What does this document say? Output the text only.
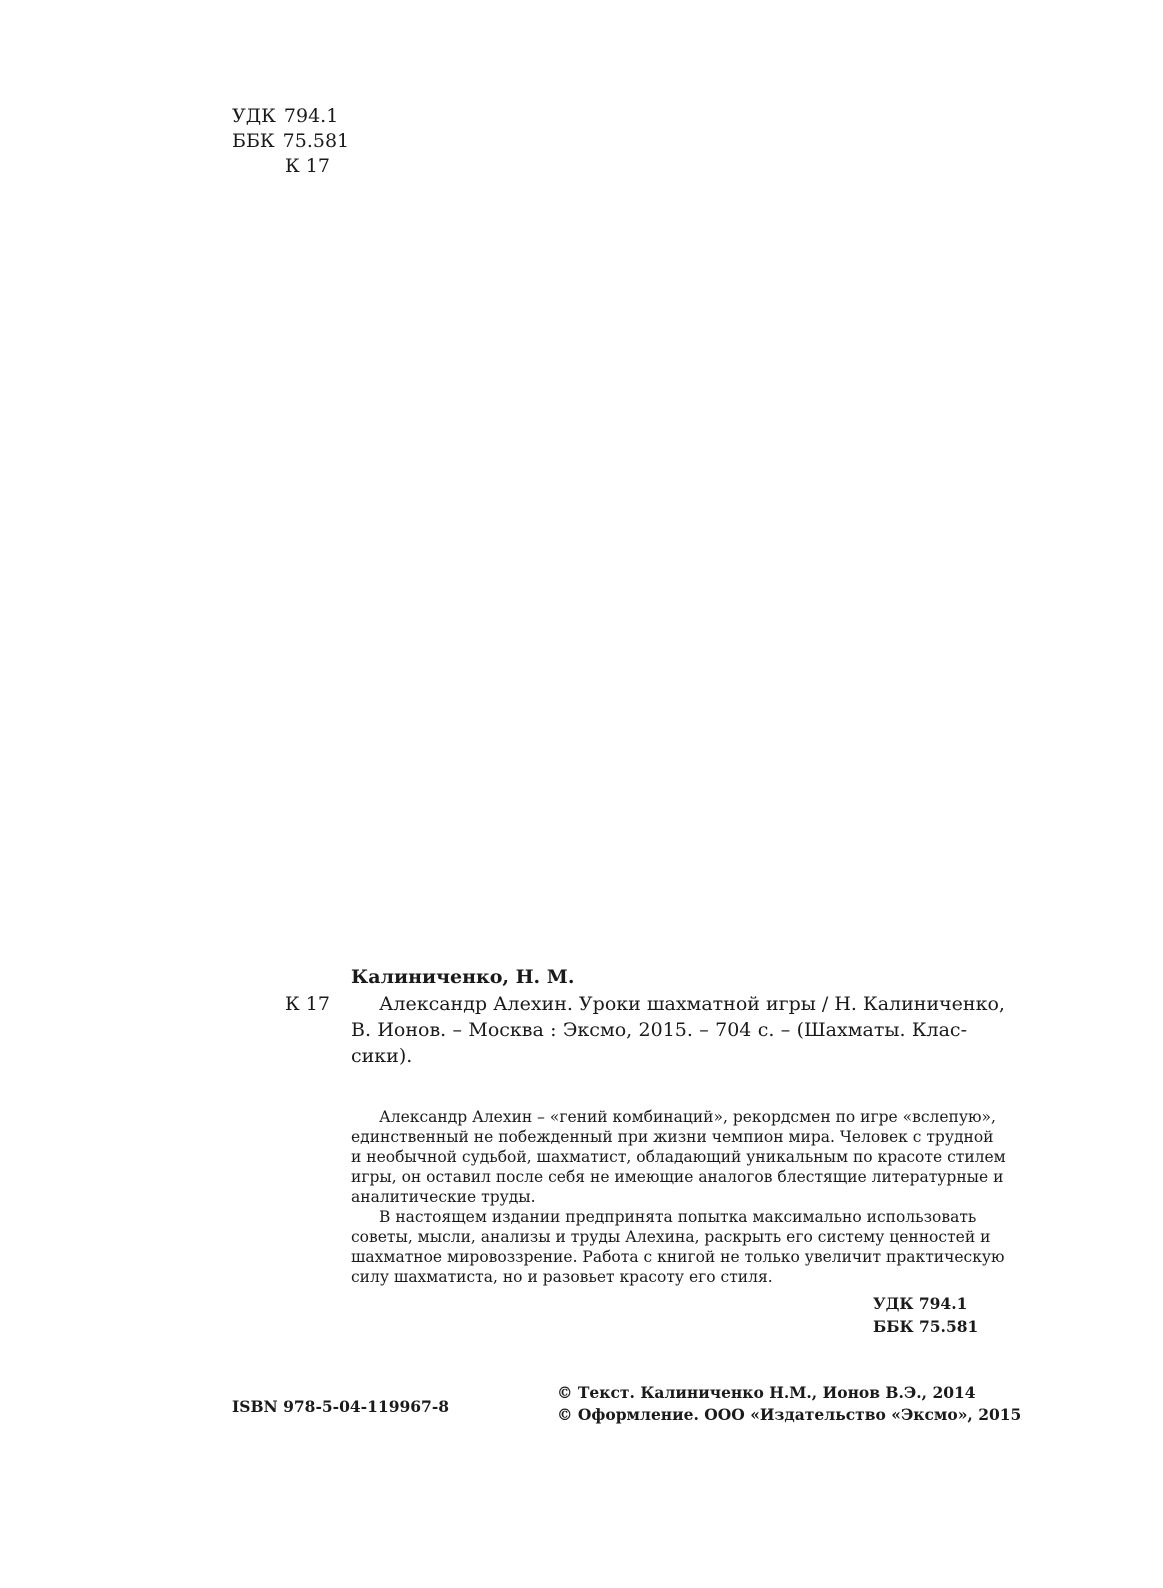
УДК 794.1
ББК 75.581
К 17
Калиниченко, Н. М.
К 17	Александр Алехин. Уроки шахматной игры / Н. Калиниченко,
В. Ионов. – Москва : Эксмо, 2015. – 704 с. – (Шахматы. Клас-
сики).

Александр Алехин – «гений комбинаций», рекордсмен по игре «вслепую»,
единственный не побежденный при жизни чемпион мира. Человек с трудной
и необычной судьбой, шахматист, обладающий уникальным по красоте стилем
игры, он оставил после себя не имеющие аналогов блестящие литературные и
аналитические труды.

В настоящем издании предпринята попытка максимально использовать
советы, мысли, анализы и труды Алехина, раскрыть его систему ценностей и
шахматное мировоззрение. Работа с книгой не только увеличит практическую
силу шахматиста, но и разовьет красоту его стиля.

УДК 794.1
ББК 75.581
ISBN 978-5-04-119967-8
© Текст. Калиниченко Н.М., Ионов В.Э., 2014
© Оформление. ООО «Издательство «Эксмо», 2015
